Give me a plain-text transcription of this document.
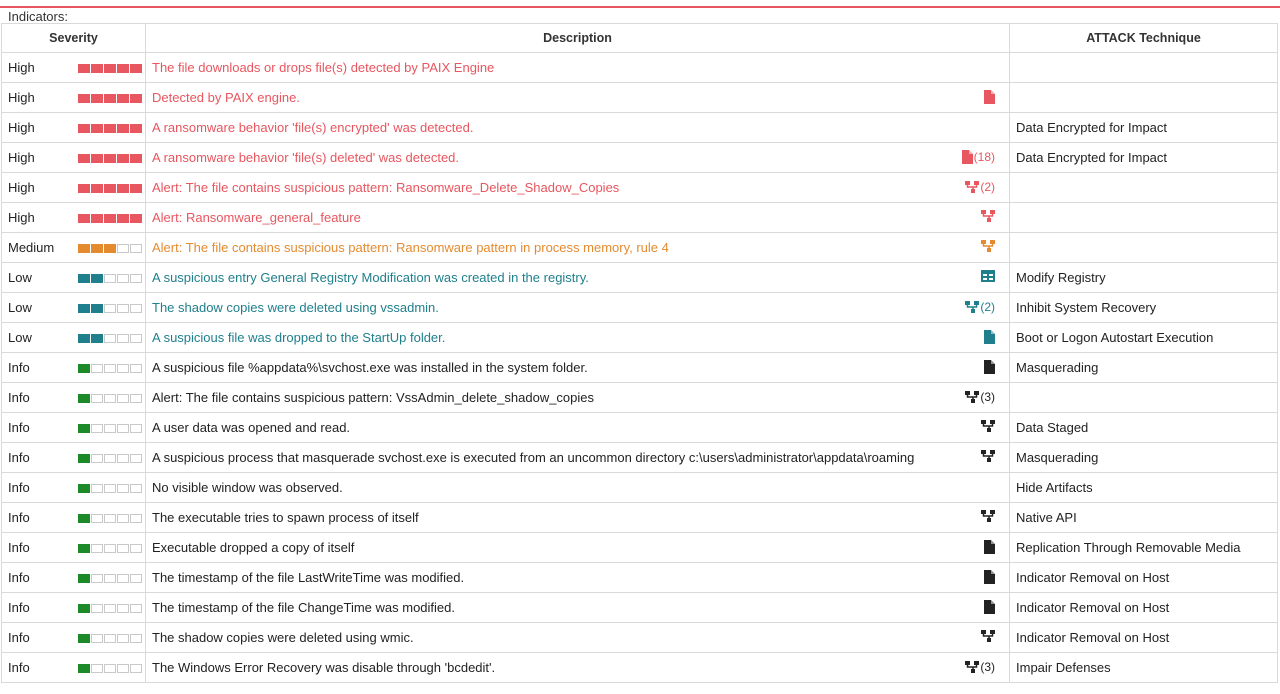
Indicators:
Severity	Description	ATTACK Technique
High	The file downloads or drops file(s) detected by PAIX Engine	
High	Detected by PAIX engine.

High	A ransomware behavior 'file(s) encrypted' was detected.	Data Encrypted for Impact
High	A ransomware behavior 'file(s) deleted' was detected. (18)	Data Encrypted for Impact
High	Alert: The file contains suspicious pattern: Ransomware_Delete_Shadow_Copies (2)	

High	Alert: Ransomware_general_feature

Medium	Alert: The file contains suspicious pattern: Ransomware pattern in process memory, rule 4

Low	A suspicious entry General Registry Modification was created in the registry.	Modify Registry
Low	The shadow copies were deleted using vssadmin. (2)	Inhibit System Recovery
Low	A suspicious file was dropped to the StartUp folder.	Boot or Logon Autostart Execution
Info	A suspicious file %appdata%\svchost.exe was installed in the system folder.	Masquerading
Info	Alert: The file contains suspicious pattern: VssAdmin_delete_shadow_copies (3)	

Info	A user data was opened and read.	Data Staged
Info	A suspicious process that masquerade svchost.exe is executed from an uncommon directory c:\users\administrator\appdata\roaming	Masquerading
Info	No visible window was observed.	Hide Artifacts
Info	The executable tries to spawn process of itself	Native API
Info	Executable dropped a copy of itself	Replication Through Removable Media
Info	The timestamp of the file LastWriteTime was modified.	Indicator Removal on Host
Info	The timestamp of the file ChangeTime was modified.	Indicator Removal on Host
Info	The shadow copies were deleted using wmic.	Indicator Removal on Host
Info	The Windows Error Recovery was disable through 'bcdedit'. (3)	Impair Defenses
